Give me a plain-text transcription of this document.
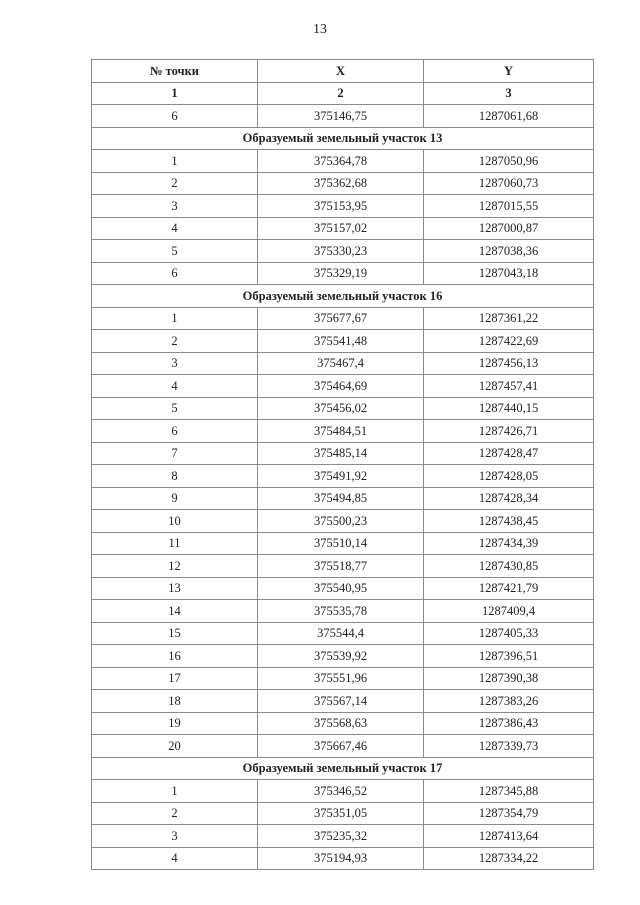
13
№ точки	X	Y
1	2	3
6	375146,75	1287061,68
Образуемый земельный участок 13		
1	375364,78	1287050,96
2	375362,68	1287060,73
3	375153,95	1287015,55
4	375157,02	1287000,87
5	375330,23	1287038,36
6	375329,19	1287043,18
Образуемый земельный участок 16		
1	375677,67	1287361,22
2	375541,48	1287422,69
3	375467,4	1287456,13
4	375464,69	1287457,41
5	375456,02	1287440,15
6	375484,51	1287426,71
7	375485,14	1287428,47
8	375491,92	1287428,05
9	375494,85	1287428,34
10	375500,23	1287438,45
11	375510,14	1287434,39
12	375518,77	1287430,85
13	375540,95	1287421,79
14	375535,78	1287409,4
15	375544,4	1287405,33
16	375539,92	1287396,51
17	375551,96	1287390,38
18	375567,14	1287383,26
19	375568,63	1287386,43
20	375667,46	1287339,73
Образуемый земельный участок 17		
1	375346,52	1287345,88
2	375351,05	1287354,79
3	375235,32	1287413,64
4	375194,93	1287334,22
